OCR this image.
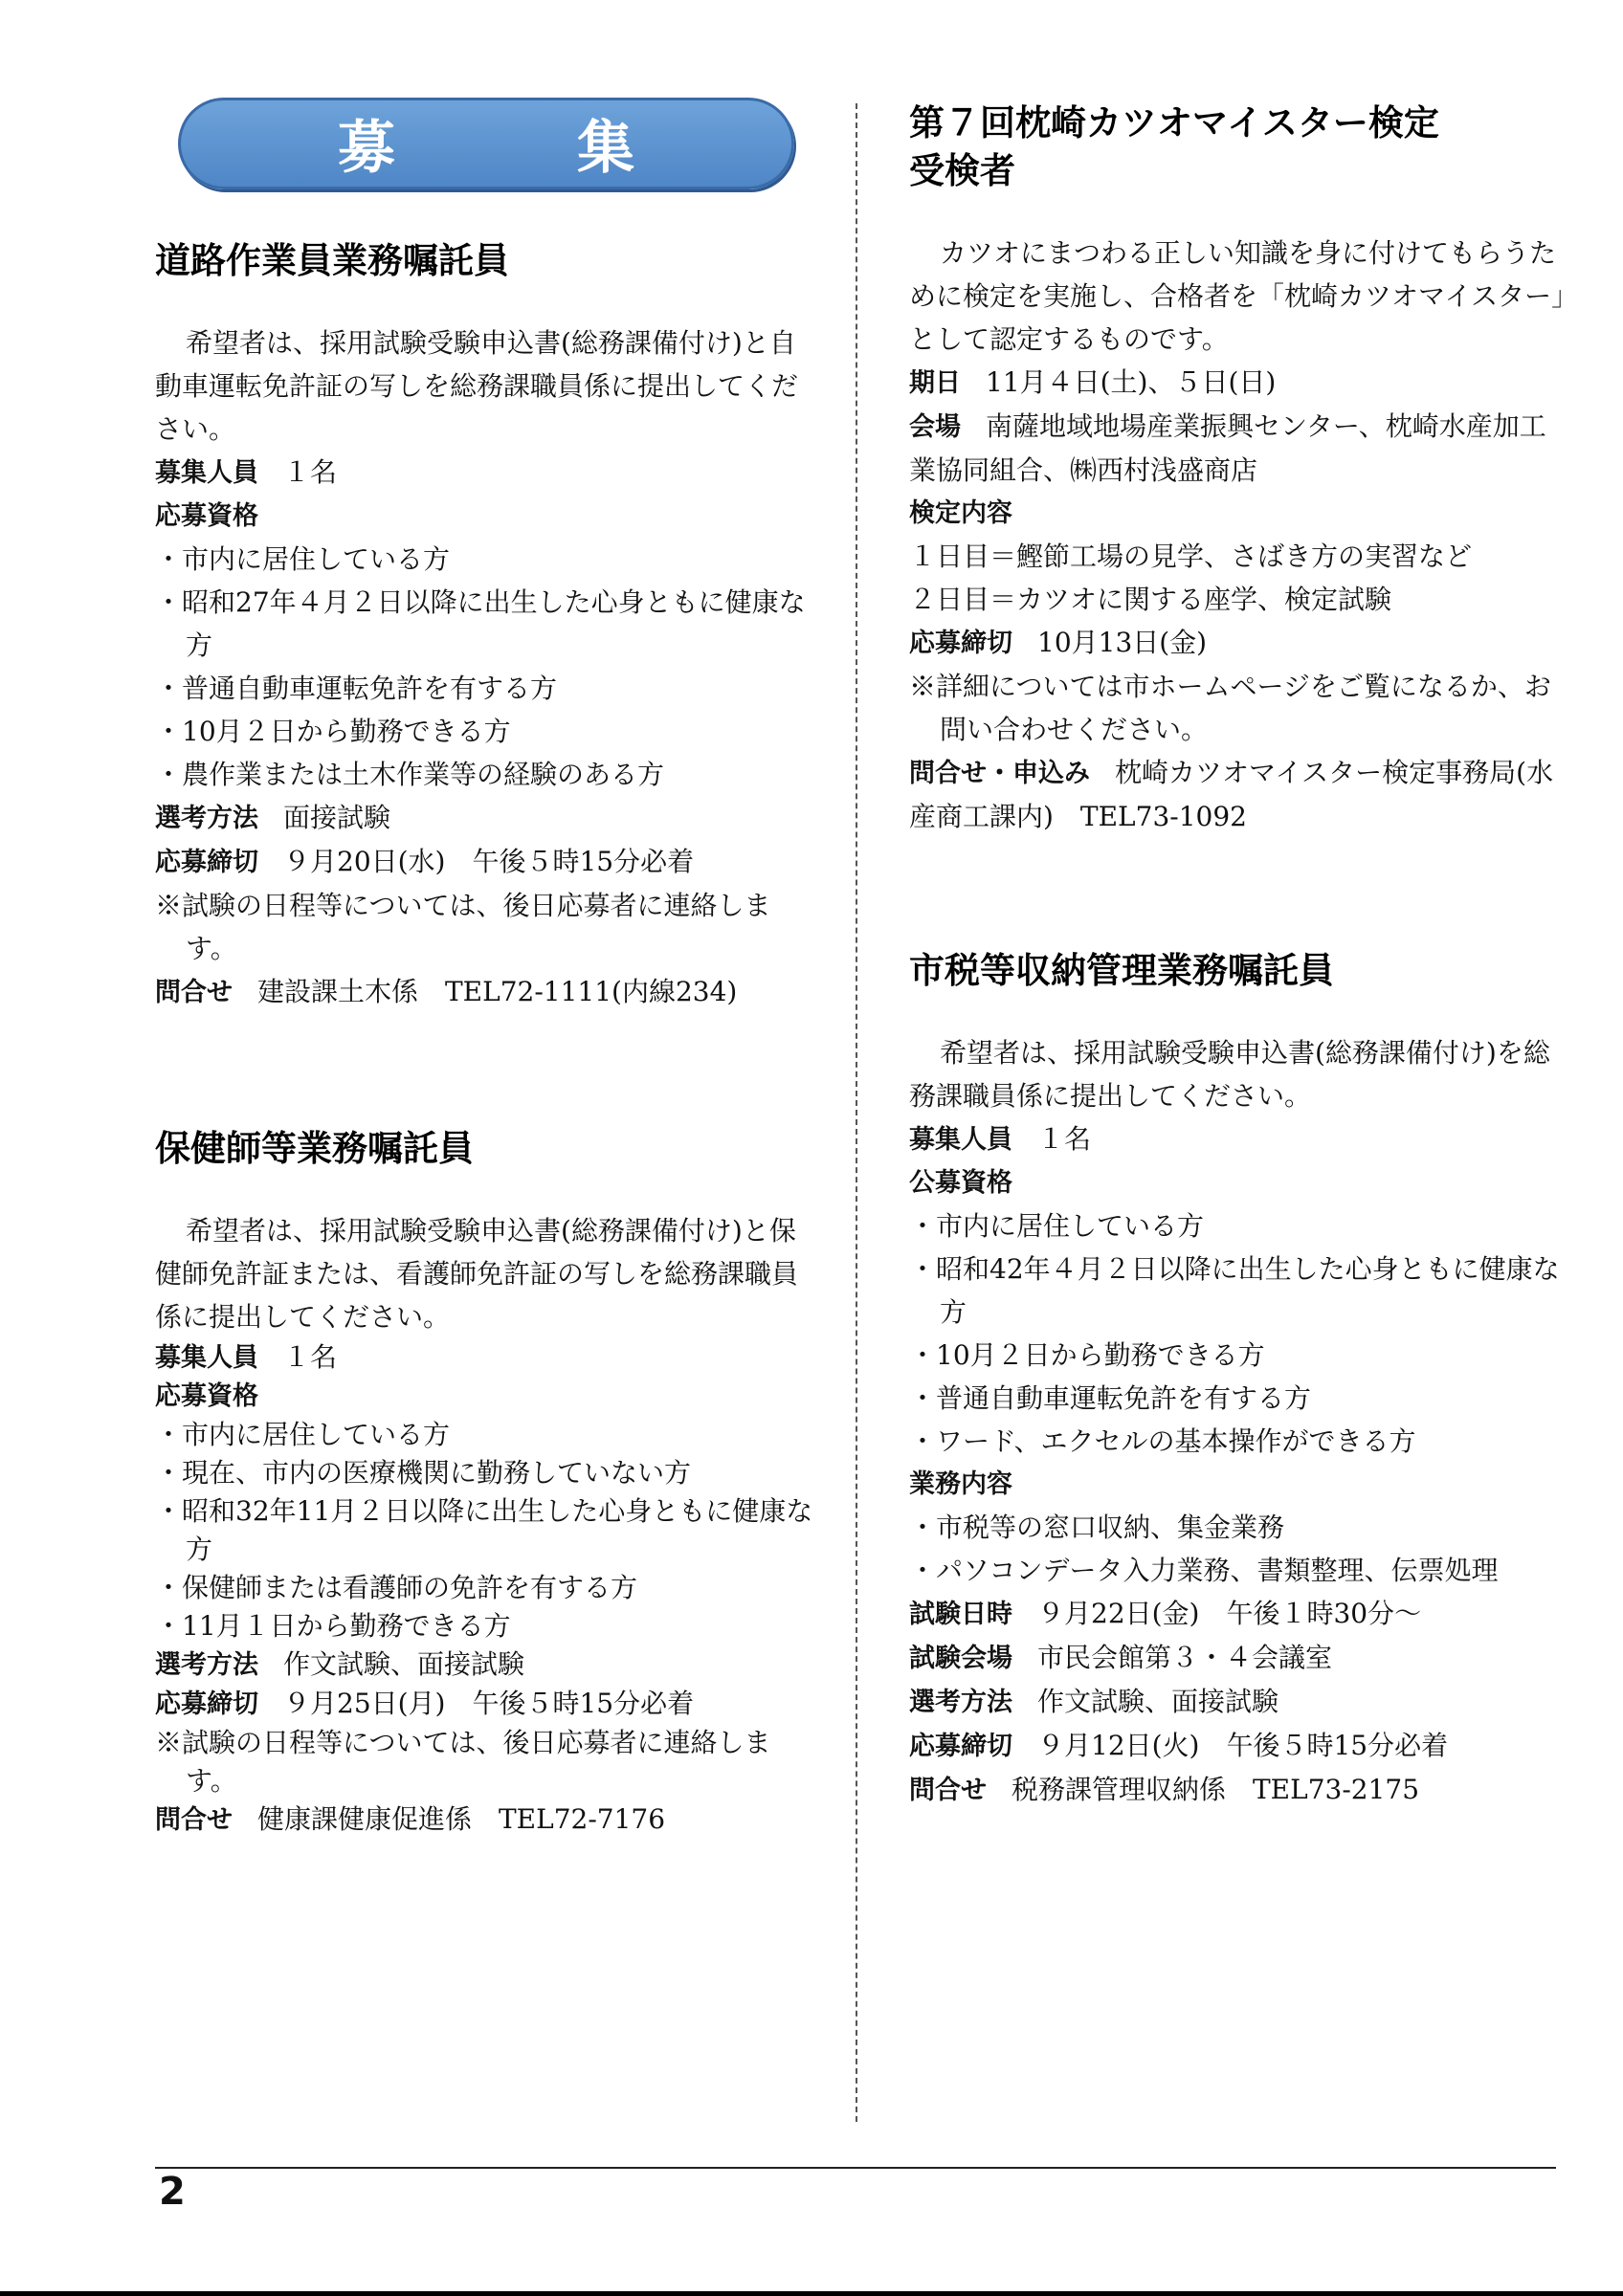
募集
道路作業員業務嘱託員

希望者は、採用試験受験申込書(総務課備付け)と自動車運転免許証の写しを総務課職員係に提出してください。

募集人員 １名
応募資格
・市内に居住している方
・昭和27年４月２日以降に出生した心身ともに健康な方
・普通自動車運転免許を有する方
・10月２日から勤務できる方
・農作業または土木作業等の経験のある方
選考方法 面接試験
応募締切 ９月20日(水)　午後５時15分必着
※試験の日程等については、後日応募者に連絡します。
問合せ 建設課土木係　TEL72-1111(内線234)
保健師等業務嘱託員

希望者は、採用試験受験申込書(総務課備付け)と保健師免許証または、看護師免許証の写しを総務課職員係に提出してください。

募集人員 １名
応募資格
・市内に居住している方
・現在、市内の医療機関に勤務していない方
・昭和32年11月２日以降に出生した心身ともに健康な方
・保健師または看護師の免許を有する方
・11月１日から勤務できる方
選考方法 作文試験、面接試験
応募締切 ９月25日(月)　午後５時15分必着
※試験の日程等については、後日応募者に連絡します。
問合せ 健康課健康促進係　TEL72-7176
第７回枕崎カツオマイスター検定
受検者

カツオにまつわる正しい知識を身に付けてもらうために検定を実施し、合格者を「枕崎カツオマイスター」として認定するものです。

期日 11月４日(土)、５日(日)
会場 南薩地域地場産業振興センター、枕崎水産加工業協同組合、㈱西村浅盛商店
検定内容
１日目＝鰹節工場の見学、さばき方の実習など
２日目＝カツオに関する座学、検定試験
応募締切 10月13日(金)
※詳細については市ホームページをご覧になるか、お問い合わせください。
問合せ・申込み 枕崎カツオマイスター検定事務局(水産商工課内)　TEL73-1092
市税等収納管理業務嘱託員

希望者は、採用試験受験申込書(総務課備付け)を総務課職員係に提出してください。

募集人員 １名
公募資格
・市内に居住している方
・昭和42年４月２日以降に出生した心身ともに健康な方
・10月２日から勤務できる方
・普通自動車運転免許を有する方
・ワード、エクセルの基本操作ができる方
業務内容
・市税等の窓口収納、集金業務
・パソコンデータ入力業務、書類整理、伝票処理
試験日時 ９月22日(金)　午後１時30分～
試験会場 市民会館第３・４会議室
選考方法 作文試験、面接試験
応募締切 ９月12日(火)　午後５時15分必着
問合せ 税務課管理収納係　TEL73-2175
2
